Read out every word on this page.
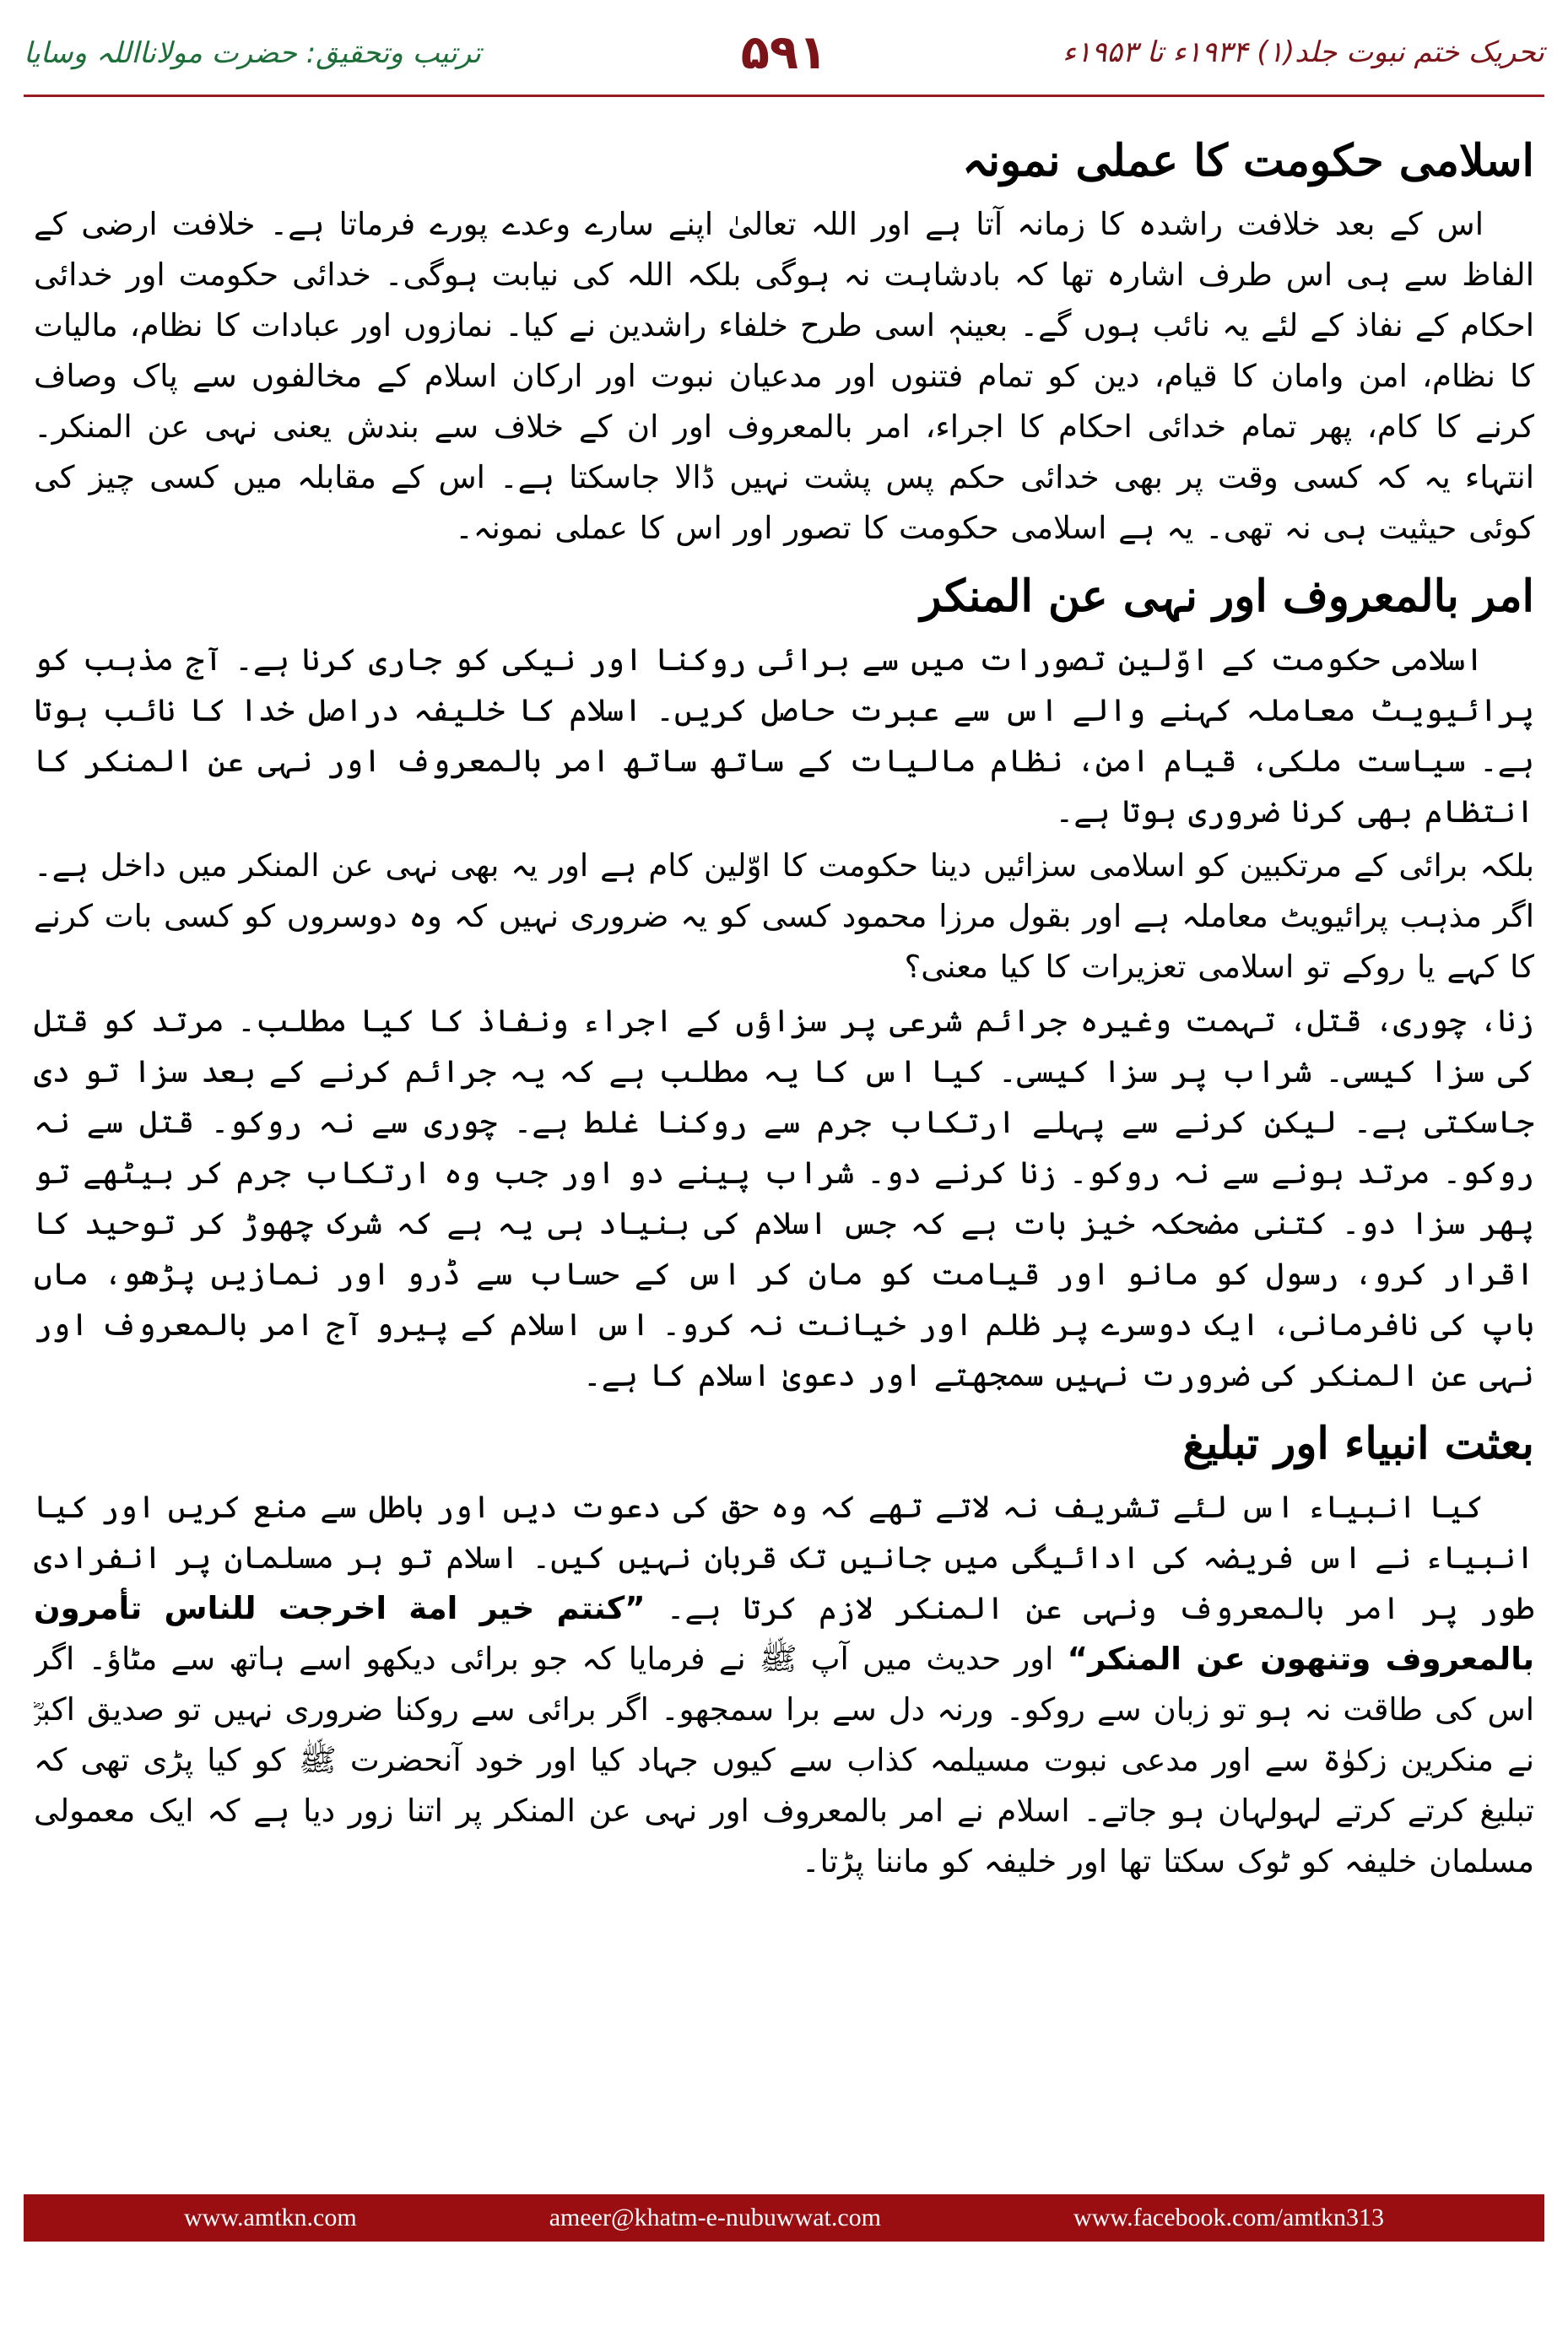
تحریک ختم نبوت جلد(۱) ۱۹۳۴ء تا ۱۹۵۳ء
۵۹۱
ترتیب وتحقیق: حضرت مولانااللہ وسایا
اسلامی حکومت کا عملی نمونہ

اس کے بعد خلافت راشدہ کا زمانہ آتا ہے اور اللہ تعالیٰ اپنے سارے وعدے پورے فرماتا ہے۔ خلافت ارضی کے الفاظ سے ہی اس طرف اشارہ تھا کہ بادشاہت نہ ہوگی بلکہ اللہ کی نیابت ہوگی۔ خدائی حکومت اور خدائی احکام کے نفاذ کے لئے یہ نائب ہوں گے۔ بعینہٖ اسی طرح خلفاء راشدین نے کیا۔ نمازوں اور عبادات کا نظام، مالیات کا نظام، امن وامان کا قیام، دین کو تمام فتنوں اور مدعیان نبوت اور ارکان اسلام کے مخالفوں سے پاک وصاف کرنے کا کام، پھر تمام خدائی احکام کا اجراء، امر بالمعروف اور ان کے خلاف سے بندش یعنی نہی عن المنکر۔ انتہاء یہ کہ کسی وقت پر بھی خدائی حکم پس پشت نہیں ڈالا جاسکتا ہے۔ اس کے مقابلہ میں کسی چیز کی کوئی حیثیت ہی نہ تھی۔ یہ ہے اسلامی حکومت کا تصور اور اس کا عملی نمونہ۔

امر بالمعروف اور نہی عن المنکر

اسلامی حکومت کے اوّلین تصورات میں سے برائی روکنا اور نیکی کو جاری کرنا ہے۔ آج مذہب کو پرائیویٹ معاملہ کہنے والے اس سے عبرت حاصل کریں۔ اسلام کا خلیفہ دراصل خدا کا نائب ہوتا ہے۔ سیاست ملکی، قیام امن، نظام مالیات کے ساتھ ساتھ امر بالمعروف اور نہی عن المنکر کا انتظام بھی کرنا ضروری ہوتا ہے۔

بلکہ برائی کے مرتکبین کو اسلامی سزائیں دینا حکومت کا اوّلین کام ہے اور یہ بھی نہی عن المنکر میں داخل ہے۔ اگر مذہب پرائیویٹ معاملہ ہے اور بقول مرزا محمود کسی کو یہ ضروری نہیں کہ وہ دوسروں کو کسی بات کرنے کا کہے یا روکے تو اسلامی تعزیرات کا کیا معنی؟

زنا، چوری، قتل، تہمت وغیرہ جرائم شرعی پر سزاؤں کے اجراء ونفاذ کا کیا مطلب۔ مرتد کو قتل کی سزا کیسی۔ شراب پر سزا کیسی۔ کیا اس کا یہ مطلب ہے کہ یہ جرائم کرنے کے بعد سزا تو دی جاسکتی ہے۔ لیکن کرنے سے پہلے ارتکاب جرم سے روکنا غلط ہے۔ چوری سے نہ روکو۔ قتل سے نہ روکو۔ مرتد ہونے سے نہ روکو۔ زنا کرنے دو۔ شراب پینے دو اور جب وہ ارتکاب جرم کر بیٹھے تو پھر سزا دو۔ کتنی مضحکہ خیز بات ہے کہ جس اسلام کی بنیاد ہی یہ ہے کہ شرک چھوڑ کر توحید کا اقرار کرو، رسول کو مانو اور قیامت کو مان کر اس کے حساب سے ڈرو اور نمازیں پڑھو، ماں باپ کی نافرمانی، ایک دوسرے پر ظلم اور خیانت نہ کرو۔ اس اسلام کے پیرو آج امر بالمعروف اور نہی عن المنکر کی ضرورت نہیں سمجھتے اور دعویٰ اسلام کا ہے۔

بعثت انبیاء اور تبلیغ

کیا انبیاء اس لئے تشریف نہ لاتے تھے کہ وہ حق کی دعوت دیں اور باطل سے منع کریں اور کیا انبیاء نے اس فریضہ کی ادائیگی میں جانیں تک قربان نہیں کیں۔ اسلام تو ہر مسلمان پر انفرادی طور پر امر بالمعروف ونہی عن المنکر لازم کرتا ہے۔ ”کنتم خیر امة اخرجت للناس تأمرون بالمعروف وتنهون عن المنكر“ اور حدیث میں آپ ﷺ نے فرمایا کہ جو برائی دیکھو اسے ہاتھ سے مٹاؤ۔ اگر اس کی طاقت نہ ہو تو زبان سے روکو۔ ورنہ دل سے برا سمجھو۔ اگر برائی سے روکنا ضروری نہیں تو صدیق اکبرؓ نے منکرین زکوٰۃ سے اور مدعی نبوت مسیلمہ کذاب سے کیوں جہاد کیا اور خود آنحضرت ﷺ کو کیا پڑی تھی کہ تبلیغ کرتے کرتے لہولہان ہو جاتے۔ اسلام نے امر بالمعروف اور نہی عن المنکر پر اتنا زور دیا ہے کہ ایک معمولی مسلمان خلیفہ کو ٹوک سکتا تھا اور خلیفہ کو ماننا پڑتا۔

www.amtkn.com	ameer@khatm-e-nubuwwat.com	www.facebook.com/amtkn313
